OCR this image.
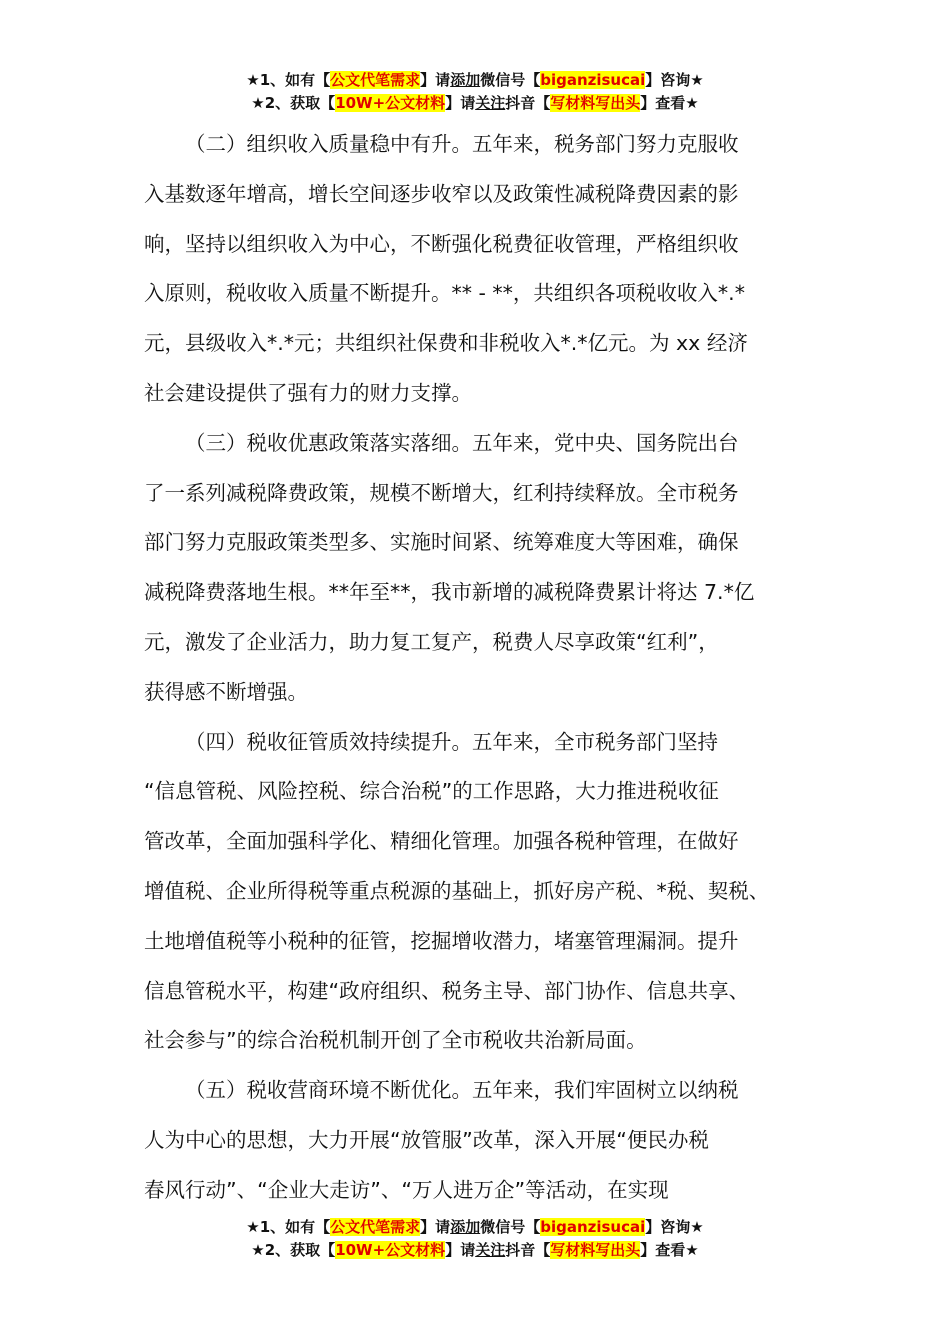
★1、如有【公文代笔需求】请添加微信号【biganzisucai】咨询★
★2、获取【10W+公文材料】请关注抖音【写材料写出头】查看★

（二）组织收入质量稳中有升。五年来，税务部门努力克服收
入基数逐年增高，增长空间逐步收窄以及政策性减税降费因素的影
响，坚持以组织收入为中心，不断强化税费征收管理，严格组织收
入原则，税收收入质量不断提升。** - **，共组织各项税收收入*.*
元，县级收入*.*元；共组织社保费和非税收入*.*亿元。为 xx 经济
社会建设提供了强有力的财力支撑。

（三）税收优惠政策落实落细。五年来，党中央、国务院出台
了一系列减税降费政策，规模不断增大，红利持续释放。全市税务
部门努力克服政策类型多、实施时间紧、统筹难度大等困难，确保
减税降费落地生根。**年至**，我市新增的减税降费累计将达 7.*亿
元，激发了企业活力，助力复工复产，税费人尽享政策“红利”，
获得感不断增强。

（四）税收征管质效持续提升。五年来，全市税务部门坚持
“信息管税、风险控税、综合治税”的工作思路，大力推进税收征
管改革，全面加强科学化、精细化管理。加强各税种管理，在做好
增值税、企业所得税等重点税源的基础上，抓好房产税、*税、契税、
土地增值税等小税种的征管，挖掘增收潜力，堵塞管理漏洞。提升
信息管税水平，构建“政府组织、税务主导、部门协作、信息共享、
社会参与”的综合治税机制开创了全市税收共治新局面。

（五）税收营商环境不断优化。五年来，我们牢固树立以纳税
人为中心的思想，大力开展“放管服”改革，深入开展“便民办税
春风行动”、“企业大走访”、“万人进万企”等活动，在实现

★1、如有【公文代笔需求】请添加微信号【biganzisucai】咨询★
★2、获取【10W+公文材料】请关注抖音【写材料写出头】查看★
